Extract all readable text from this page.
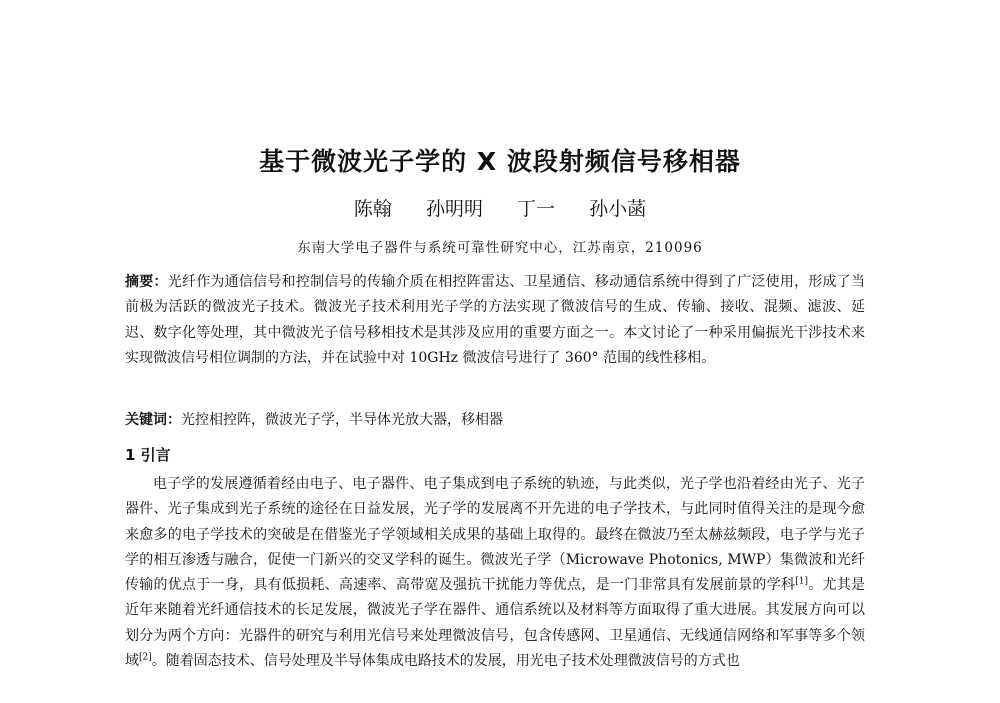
基于微波光子学的 X 波段射频信号移相器
陈翰 孙明明 丁一 孙小菡
东南大学电子器件与系统可靠性研究中心，江苏南京，210096
摘要：光纤作为通信信号和控制信号的传输介质在相控阵雷达、卫星通信、移动通信系统中得到了广泛使用，形成了当前极为活跃的微波光子技术。微波光子技术利用光子学的方法实现了微波信号的生成、传输、接收、混频、滤波、延迟、数字化等处理，其中微波光子信号移相技术是其涉及应用的重要方面之一。本文讨论了一种采用偏振光干涉技术来实现微波信号相位调制的方法，并在试验中对 10GHz 微波信号进行了 360° 范围的线性移相。
关键词：光控相控阵，微波光子学，半导体光放大器，移相器
1 引言
电子学的发展遵循着经由电子、电子器件、电子集成到电子系统的轨迹，与此类似，光子学也沿着经由光子、光子器件、光子集成到光子系统的途径在日益发展，光子学的发展离不开先进的电子学技术，与此同时值得关注的是现今愈来愈多的电子学技术的突破是在借鉴光子学领域相关成果的基础上取得的。最终在微波乃至太赫兹频段，电子学与光子学的相互渗透与融合，促使一门新兴的交叉学科的诞生。微波光子学（Microwave Photonics, MWP）集微波和光纤传输的优点于一身，具有低损耗、高速率、高带宽及强抗干扰能力等优点，是一门非常具有发展前景的学科[1]。尤其是近年来随着光纤通信技术的长足发展，微波光子学在器件、通信系统以及材料等方面取得了重大进展。其发展方向可以划分为两个方向：光器件的研究与利用光信号来处理微波信号，包含传感网、卫星通信、无线通信网络和军事等多个领域[2]。随着固态技术、信号处理及半导体集成电路技术的发展，用光电子技术处理微波信号的方式也
